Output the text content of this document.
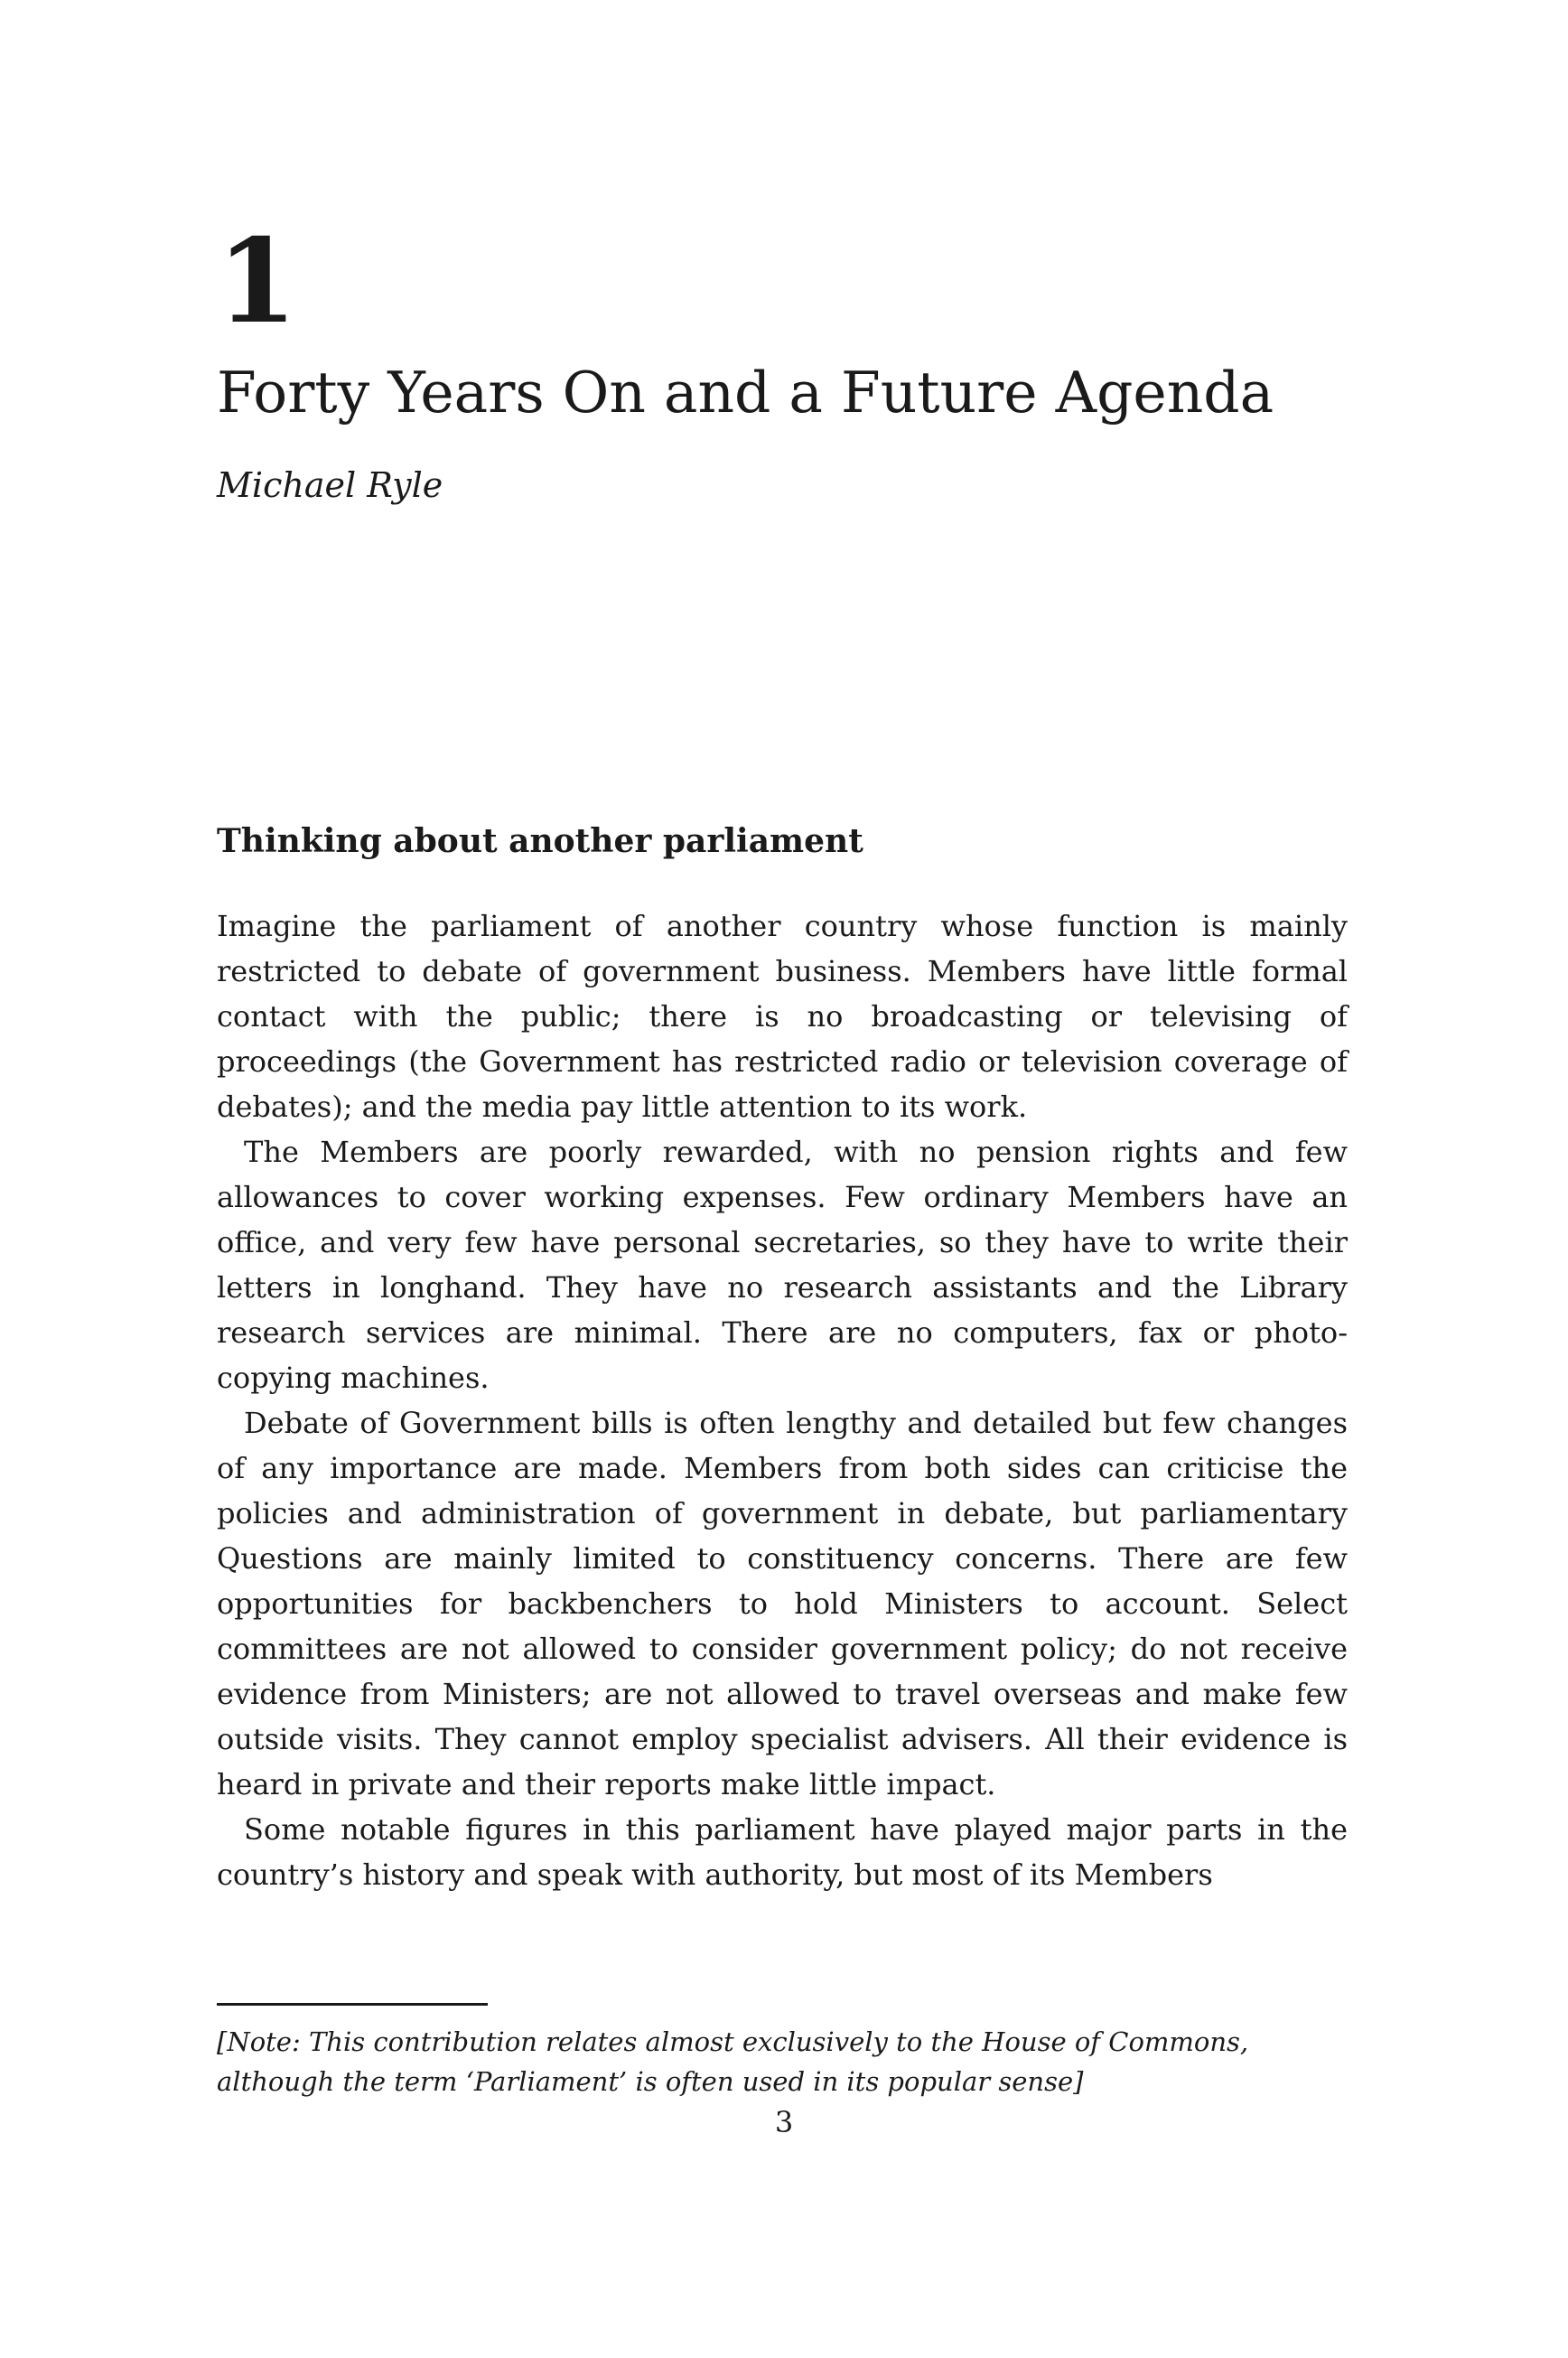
1
Forty Years On and a Future Agenda

Michael Ryle

Thinking about another parliament

Imagine the parliament of another country whose function is mainly restricted to debate of government business. Members have little formal contact with the public; there is no broadcasting or televising of proceedings (the Government has restricted radio or television coverage of debates); and the media pay little attention to its work.

The Members are poorly rewarded, with no pension rights and few allowances to cover working expenses. Few ordinary Members have an office, and very few have personal secretaries, so they have to write their letters in longhand. They have no research assistants and the Library research services are minimal. There are no computers, fax or photo-copying machines.

Debate of Government bills is often lengthy and detailed but few changes of any importance are made. Members from both sides can criticise the policies and administration of government in debate, but parliamentary Questions are mainly limited to constituency concerns. There are few opportunities for backbenchers to hold Ministers to account. Select committees are not allowed to consider government policy; do not receive evidence from Ministers; are not allowed to travel overseas and make few outside visits. They cannot employ specialist advisers. All their evidence is heard in private and their reports make little impact.

Some notable figures in this parliament have played major parts in the country’s history and speak with authority, but most of its Members

[Note: This contribution relates almost exclusively to the House of Commons, although the term ‘Parliament’ is often used in its popular sense]

3
